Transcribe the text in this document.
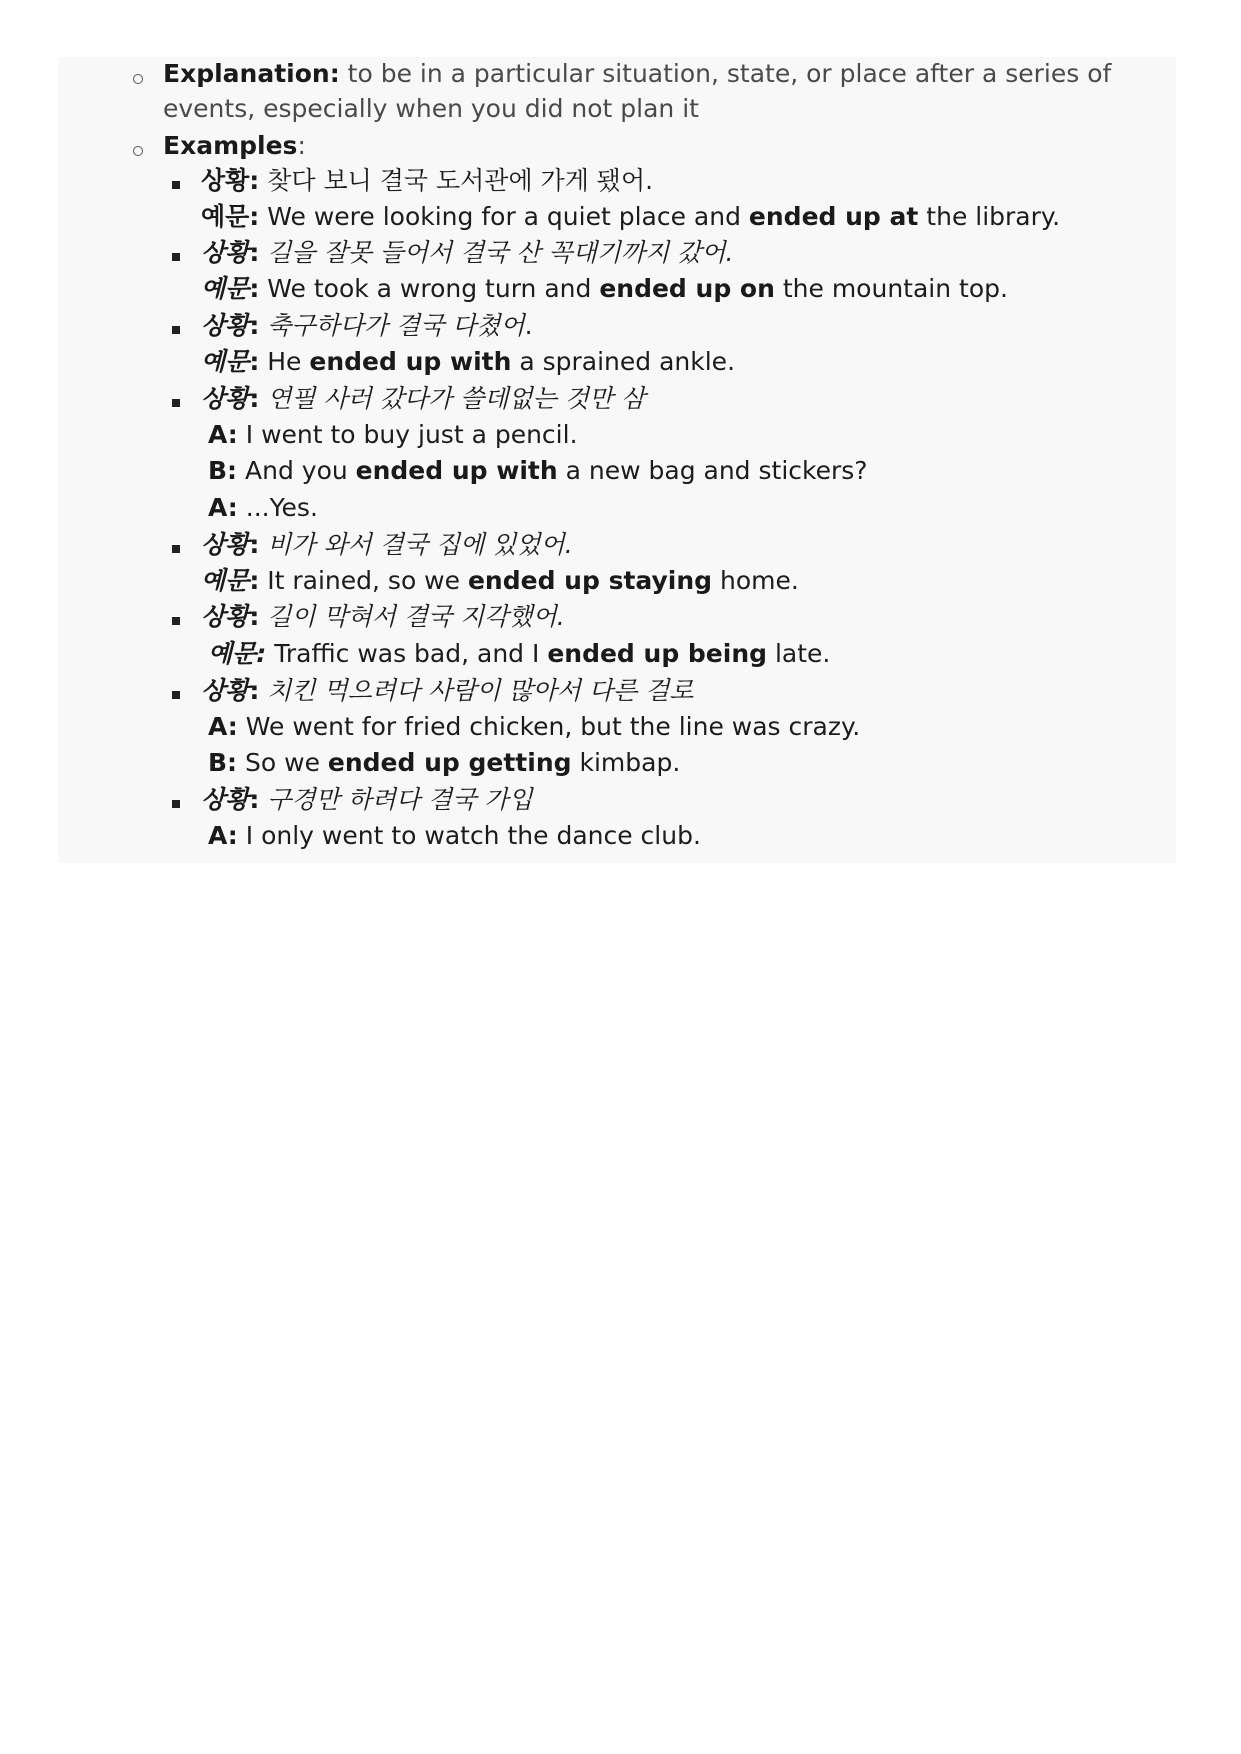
Explanation: to be in a particular situation, state, or place after a series of
events, especially when you did not plan it
Examples:
상황: 찾다 보니 결국 도서관에 가게 됐어.
예문: We were looking for a quiet place and ended up at the library.
상황: 길을 잘못 들어서 결국 산 꼭대기까지 갔어.
예문: We took a wrong turn and ended up on the mountain top.
상황: 축구하다가 결국 다쳤어.
예문: He ended up with a sprained ankle.
상황: 연필 사러 갔다가 쓸데없는 것만 삼
A: I went to buy just a pencil.
B: And you ended up with a new bag and stickers?
A: ...Yes.
상황: 비가 와서 결국 집에 있었어.
예문: It rained, so we ended up staying home.
상황: 길이 막혀서 결국 지각했어.
예문: Traffic was bad, and I ended up being late.
상황: 치킨 먹으려다 사람이 많아서 다른 걸로
A: We went for fried chicken, but the line was crazy.
B: So we ended up getting kimbap.
상황: 구경만 하려다 결국 가입
A: I only went to watch the dance club.
